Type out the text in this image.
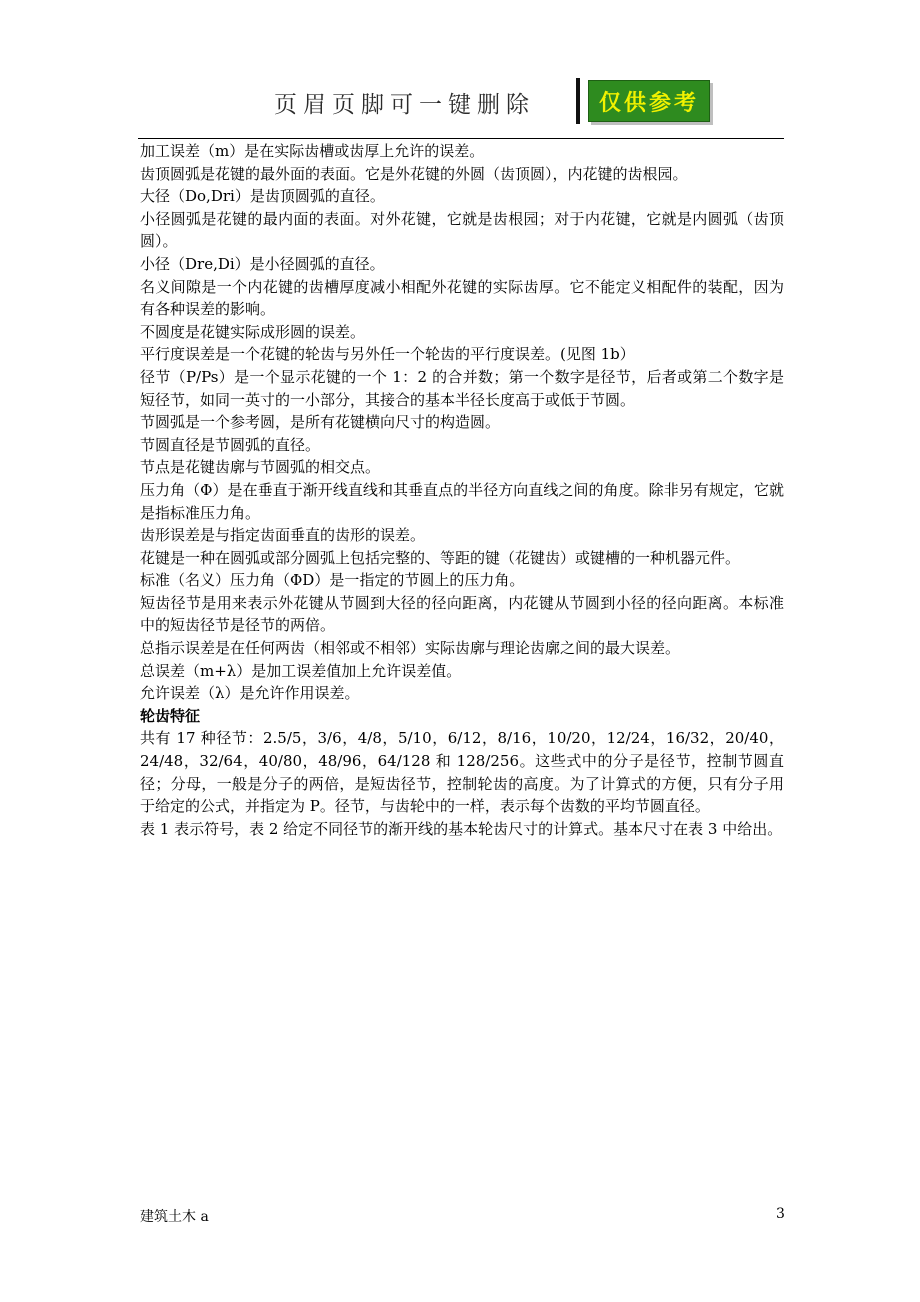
页眉页脚可一键删除	仅供参考

加工误差（m）是在实际齿槽或齿厚上允许的误差。

齿顶圆弧是花键的最外面的表面。它是外花键的外圆（齿顶圆），内花键的齿根园。

大径（Do,Dri）是齿顶圆弧的直径。

小径圆弧是花键的最内面的表面。对外花键，它就是齿根园；对于内花键，它就是内圆弧（齿顶圆）。

小径（Dre,Di）是小径圆弧的直径。

名义间隙是一个内花键的齿槽厚度减小相配外花键的实际齿厚。它不能定义相配件的装配，因为有各种误差的影响。

不圆度是花键实际成形圆的误差。

平行度误差是一个花键的轮齿与另外任一个轮齿的平行度误差。(见图 1b）

径节（P/Ps）是一个显示花键的一个 1：2 的合并数；第一个数字是径节，后者或第二个数字是短径节，如同一英寸的一小部分，其接合的基本半径长度高于或低于节圆。

节圆弧是一个参考圆，是所有花键横向尺寸的构造圆。

节圆直径是节圆弧的直径。

节点是花键齿廓与节圆弧的相交点。

压力角（Φ）是在垂直于渐开线直线和其垂直点的半径方向直线之间的角度。除非另有规定，它就是指标准压力角。

齿形误差是与指定齿面垂直的齿形的误差。

花键是一种在圆弧或部分圆弧上包括完整的、等距的键（花键齿）或键槽的一种机器元件。

标准（名义）压力角（ΦD）是一指定的节圆上的压力角。

短齿径节是用来表示外花键从节圆到大径的径向距离，内花键从节圆到小径的径向距离。本标准中的短齿径节是径节的两倍。

总指示误差是在任何两齿（相邻或不相邻）实际齿廓与理论齿廓之间的最大误差。

总误差（m+λ）是加工误差值加上允许误差值。

允许误差（λ）是允许作用误差。

轮齿特征

共有 17 种径节：2.5/5，3/6，4/8，5/10，6/12，8/16，10/20，12/24，16/32，20/40，24/48，32/64，40/80，48/96，64/128 和 128/256。这些式中的分子是径节，控制节圆直径；分母，一般是分子的两倍，是短齿径节，控制轮齿的高度。为了计算式的方便，只有分子用于给定的公式，并指定为 P。径节，与齿轮中的一样，表示每个齿数的平均节圆直径。

表 1 表示符号，表 2 给定不同径节的渐开线的基本轮齿尺寸的计算式。基本尺寸在表 3 中给出。

建筑土木 a	3
